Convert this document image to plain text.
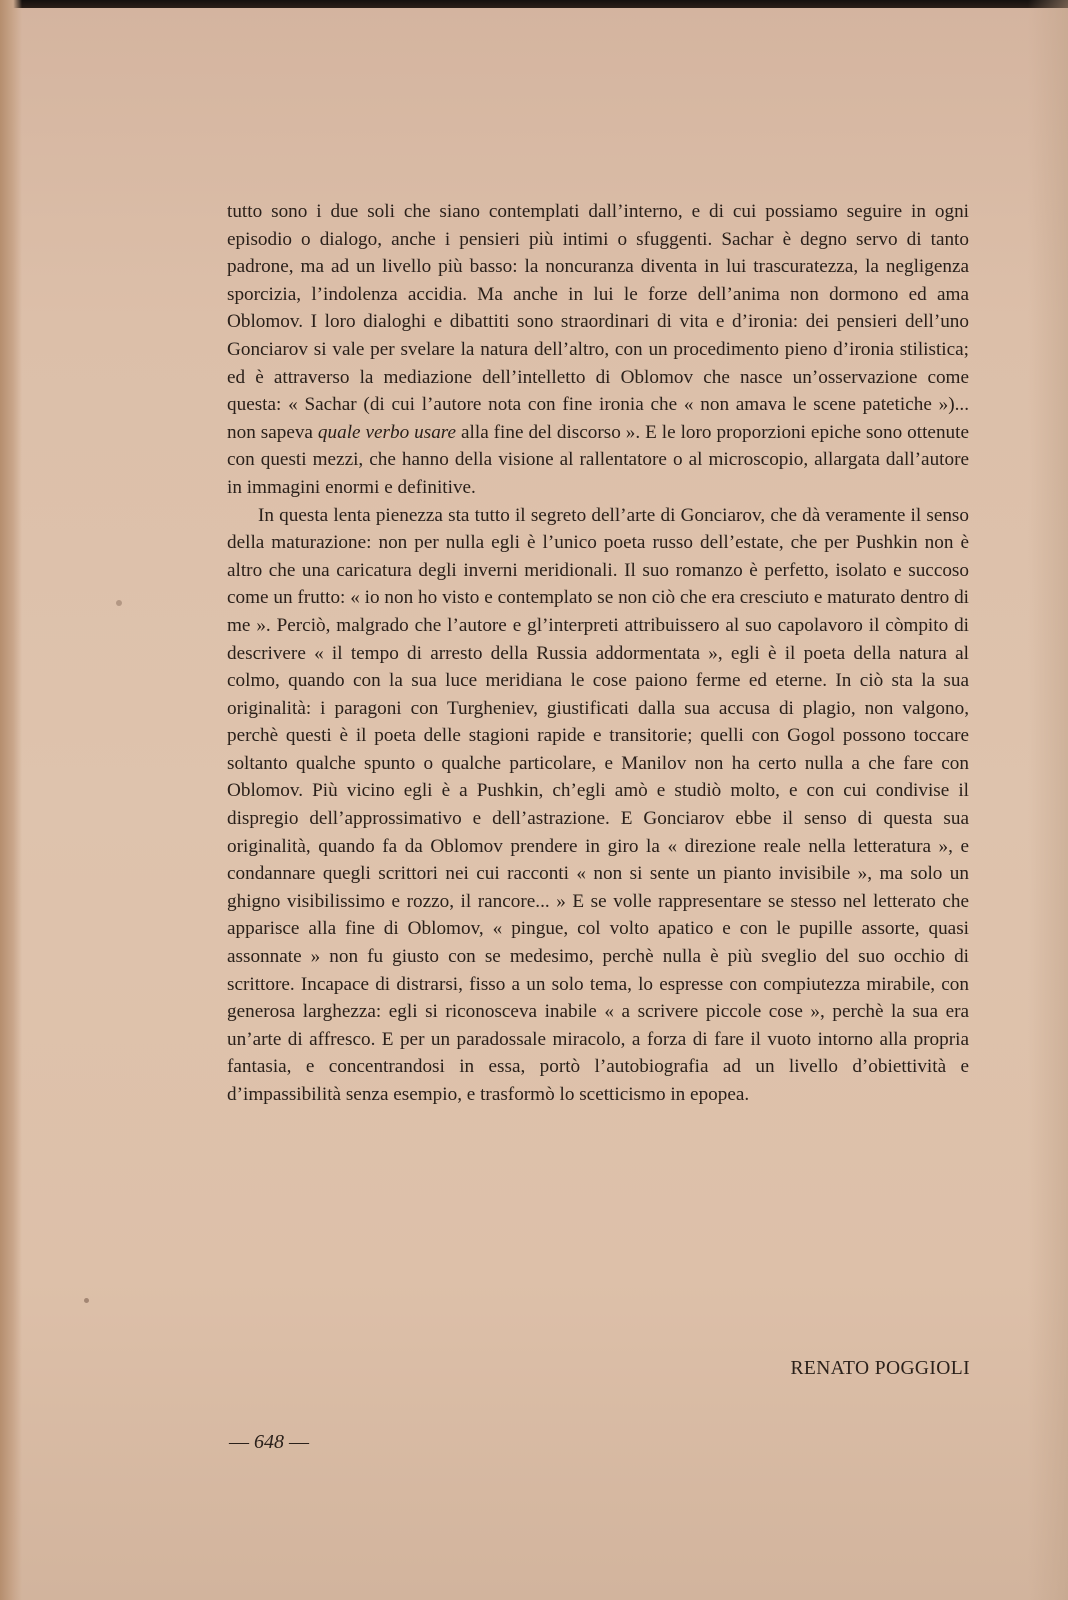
tutto sono i due soli che siano contemplati dall’interno, e di cui possiamo seguire in ogni episodio o dialogo, anche i pensieri più intimi o sfuggenti. Sachar è degno servo di tanto padrone, ma ad un livello più basso: la noncuranza diventa in lui trascuratezza, la negligenza sporcizia, l’indolenza accidia. Ma anche in lui le forze dell’anima non dormono ed ama Oblomov. I loro dialoghi e dibattiti sono straordinari di vita e d’ironia: dei pensieri dell’uno Gonciarov si vale per svelare la natura dell’altro, con un procedimento pieno d’ironia stilistica; ed è attraverso la mediazione dell’intelletto di Oblomov che nasce un’osservazione come questa: « Sachar (di cui l’autore nota con fine ironia che « non amava le scene patetiche »)... non sapeva quale verbo usare alla fine del discorso ». E le loro proporzioni epiche sono ottenute con questi mezzi, che hanno della visione al rallentatore o al microscopio, allargata dall’autore in immagini enormi e definitive.

In questa lenta pienezza sta tutto il segreto dell’arte di Gonciarov, che dà veramente il senso della maturazione: non per nulla egli è l’unico poeta russo dell’estate, che per Pushkin non è altro che una caricatura degli inverni meridionali. Il suo romanzo è perfetto, isolato e succoso come un frutto: « io non ho visto e contemplato se non ciò che era cresciuto e maturato dentro di me ». Perciò, malgrado che l’autore e gl’interpreti attribuissero al suo capolavoro il còmpito di descrivere « il tempo di arresto della Russia addormentata », egli è il poeta della natura al colmo, quando con la sua luce meridiana le cose paiono ferme ed eterne. In ciò sta la sua originalità: i paragoni con Turgheniev, giustificati dalla sua accusa di plagio, non valgono, perchè questi è il poeta delle stagioni rapide e transitorie; quelli con Gogol possono toccare soltanto qualche spunto o qualche particolare, e Manilov non ha certo nulla a che fare con Oblomov. Più vicino egli è a Pushkin, ch’egli amò e studiò molto, e con cui condivise il dispregio dell’approssimativo e dell’astrazione. E Gonciarov ebbe il senso di questa sua originalità, quando fa da Oblomov prendere in giro la « direzione reale nella letteratura », e condannare quegli scrittori nei cui racconti « non si sente un pianto invisibile », ma solo un ghigno visibilissimo e rozzo, il rancore... » E se volle rappresentare se stesso nel letterato che apparisce alla fine di Oblomov, « pingue, col volto apatico e con le pupille assorte, quasi assonnate » non fu giusto con se medesimo, perchè nulla è più sveglio del suo occhio di scrittore. Incapace di distrarsi, fisso a un solo tema, lo espresse con compiutezza mirabile, con generosa larghezza: egli si riconosceva inabile « a scrivere piccole cose », perchè la sua era un’arte di affresco. E per un paradossale miracolo, a forza di fare il vuoto intorno alla propria fantasia, e concentrandosi in essa, portò l’autobiografia ad un livello d’obiettività e d’impassibilità senza esempio, e trasformò lo scetticismo in epopea.

RENATO POGGIOLI
— 648 —
